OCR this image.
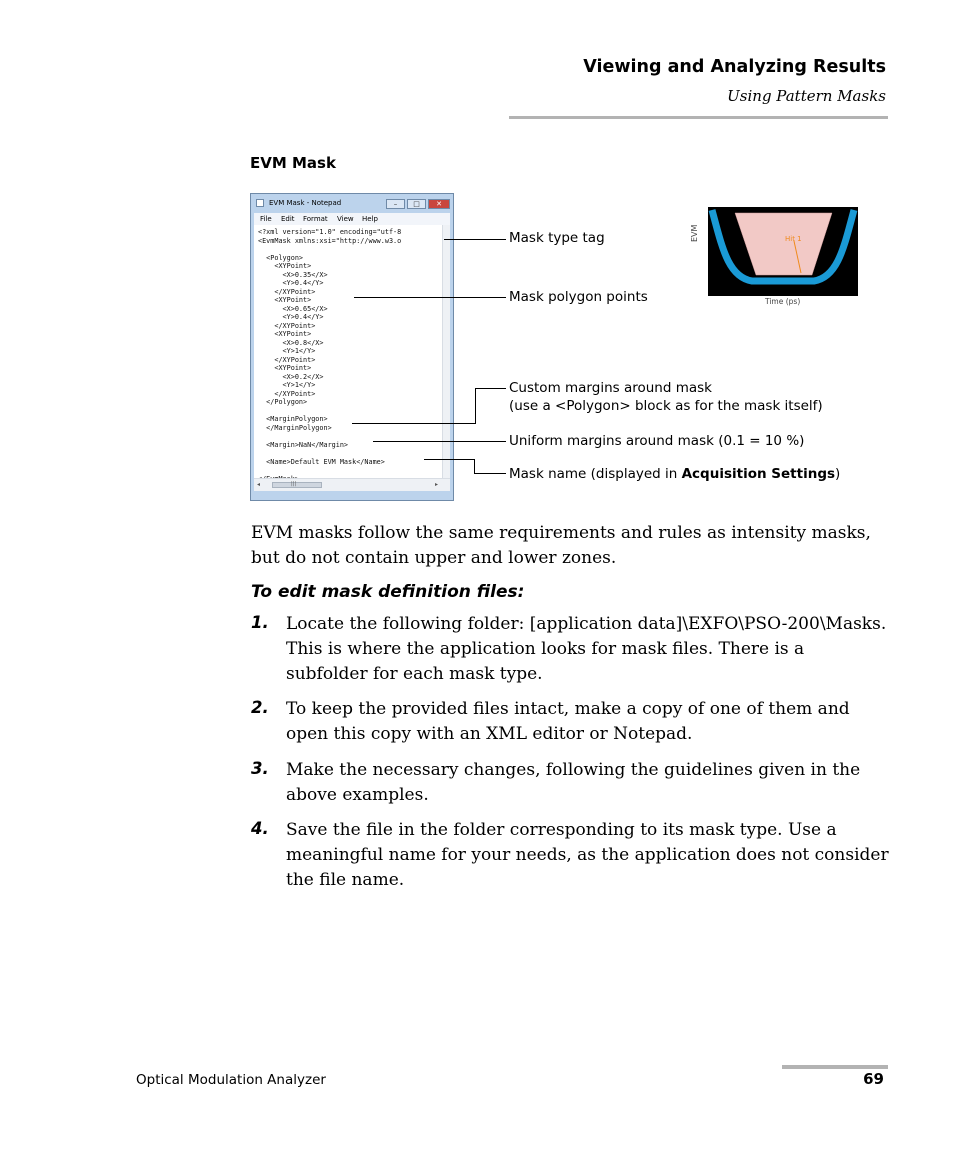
Viewing and Analyzing Results
Using Pattern Masks
EVM Mask
EVM Mask - Notepad	–	□	✕
File Edit Format View Help
<?xml version="1.0" encoding="utf-8
<EvmMask xmlns:xsi="http://www.w3.o
<Polygon>
<XYPoint>
<X>0.35</X>
<Y>0.4</Y>
</XYPoint>
<XYPoint>
<X>0.65</X>
<Y>0.4</Y>
</XYPoint>
<XYPoint>
<X>0.8</X>
<Y>1</Y>
</XYPoint>
<XYPoint>
<X>0.2</X>
<Y>1</Y>
</XYPoint>
</Polygon>
<MarginPolygon>
</MarginPolygon>
<Margin>NaN</Margin>
<Name>Default EVM Mask</Name>
◂	|||	▸
Mask type tag
Mask polygon points
Custom margins around mask
(use a <Polygon> block as for the mask itself)
Uniform margins around mask (0.1 = 10 %)
Mask name (displayed in Acquisition Settings)
EVM	Hit 1
Time (ps)
EVM masks follow the same requirements and rules as intensity masks, but do not contain upper and lower zones.
To edit mask definition files:
1. Locate the following folder: [application data]\EXFO\PSO-200\Masks. This is where the application looks for mask files. There is a subfolder for each mask type.
2. To keep the provided files intact, make a copy of one of them and open this copy with an XML editor or Notepad.
3. Make the necessary changes, following the guidelines given in the above examples.
4. Save the file in the folder corresponding to its mask type. Use a meaningful name for your needs, as the application does not consider the file name.
Optical Modulation Analyzer	69
